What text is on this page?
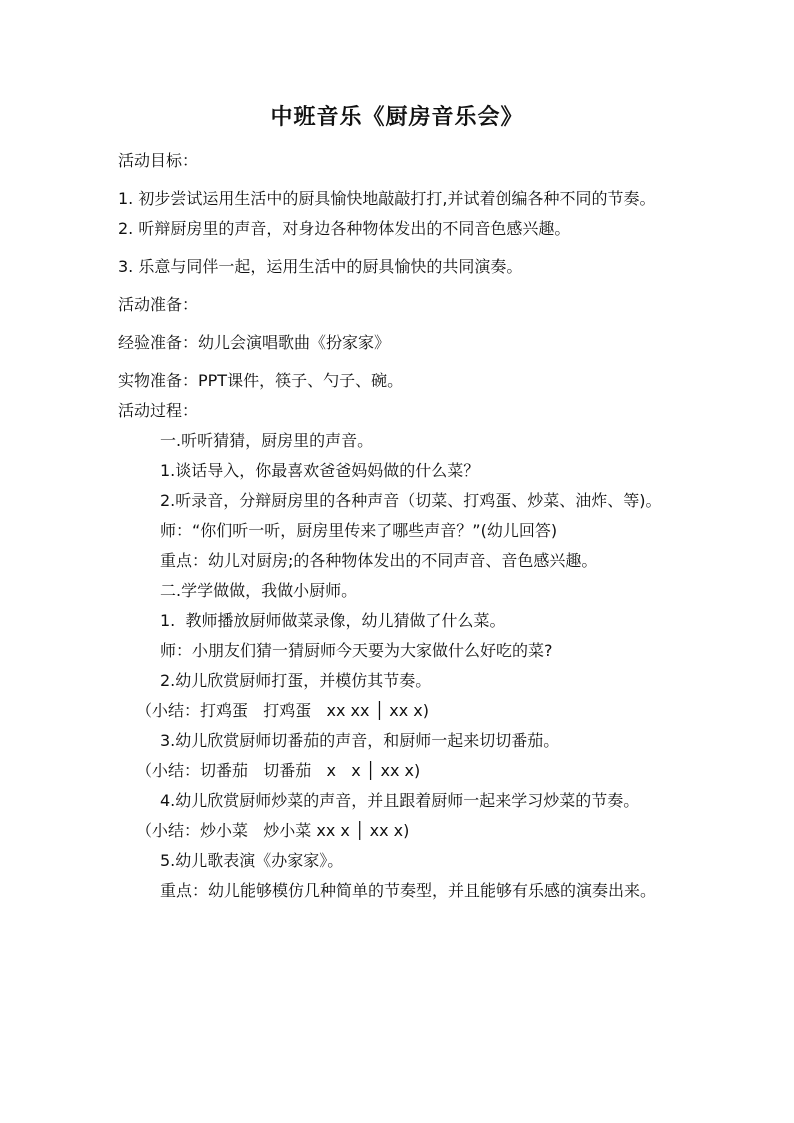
中班音乐《厨房音乐会》

活动目标：

1. 初步尝试运用生活中的厨具愉快地敲敲打打,并试着创编各种不同的节奏。

2. 听辩厨房里的声音，对身边各种物体发出的不同音色感兴趣。

3. 乐意与同伴一起，运用生活中的厨具愉快的共同演奏。

活动准备：

经验准备：幼儿会演唱歌曲《扮家家》

实物准备：PPT课件，筷子、勺子、碗。

活动过程：

一.听听猜猜，厨房里的声音。

1.谈话导入，你最喜欢爸爸妈妈做的什么菜？

2.听录音，分辩厨房里的各种声音（切菜、打鸡蛋、炒菜、油炸、等)。

师：“你们听一听，厨房里传来了哪些声音？”(幼儿回答)

重点：幼儿对厨房;的各种物体发出的不同声音、音色感兴趣。

二.学学做做，我做小厨师。

1.  教师播放厨师做菜录像，幼儿猜做了什么菜。

师：小朋友们猜一猜厨师今天要为大家做什么好吃的菜?

2.幼儿欣赏厨师打蛋，并模仿其节奏。

（小结：打鸡蛋   打鸡蛋   xx xx │ xx x)

3.幼儿欣赏厨师切番茄的声音，和厨师一起来切切番茄。

（小结：切番茄   切番茄   x   x │ xx x)

4.幼儿欣赏厨师炒菜的声音，并且跟着厨师一起来学习炒菜的节奏。

（小结：炒小菜   炒小菜 xx x │ xx x)

5.幼儿歌表演《办家家》。

重点：幼儿能够模仿几种简单的节奏型，并且能够有乐感的演奏出来。
